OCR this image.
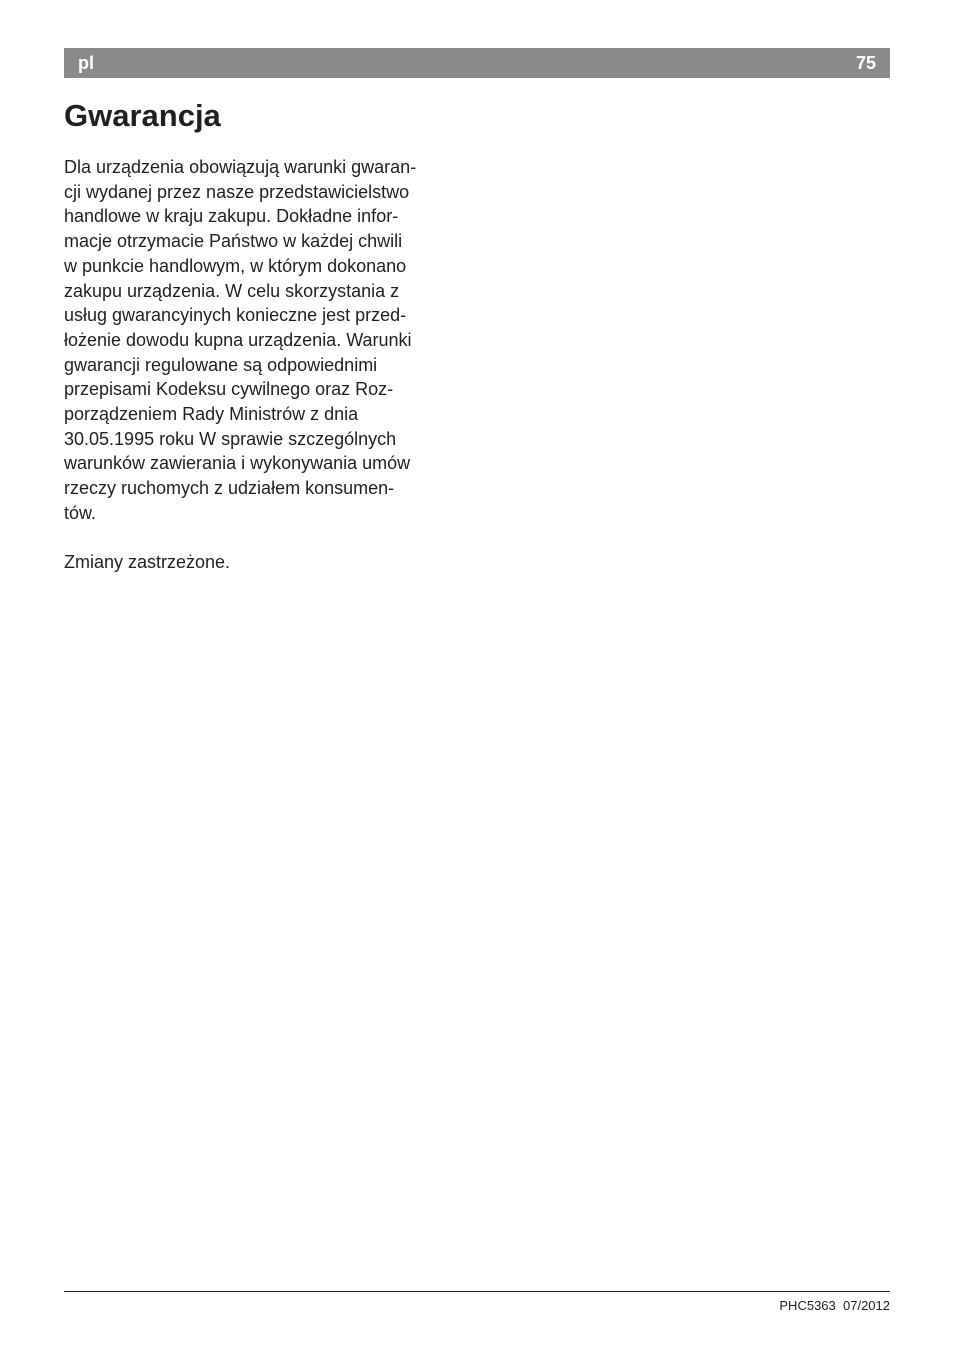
pl	75
Gwarancja
Dla urządzenia obowiązują warunki gwaran-
cji wydanej przez nasze przedstawicielstwo
handlowe w kraju zakupu. Dokładne infor-
macje otrzymacie Państwo w każdej chwili
w punkcie handlowym, w którym dokonano
zakupu urządzenia. W celu skorzystania z
usług gwarancyinych konieczne jest przed-
łożenie dowodu kupna urządzenia. Warunki
gwarancji regulowane są odpowiednimi
przepisami Kodeksu cywilnego oraz Roz-
porządzeniem Rady Ministrów z dnia
30.05.1995 roku W sprawie szczególnych
warunków zawierania i wykonywania umów
rzeczy ruchomych z udziałem konsumen-
tów.
Zmiany zastrzeżone.
PHC5363 07/2012
